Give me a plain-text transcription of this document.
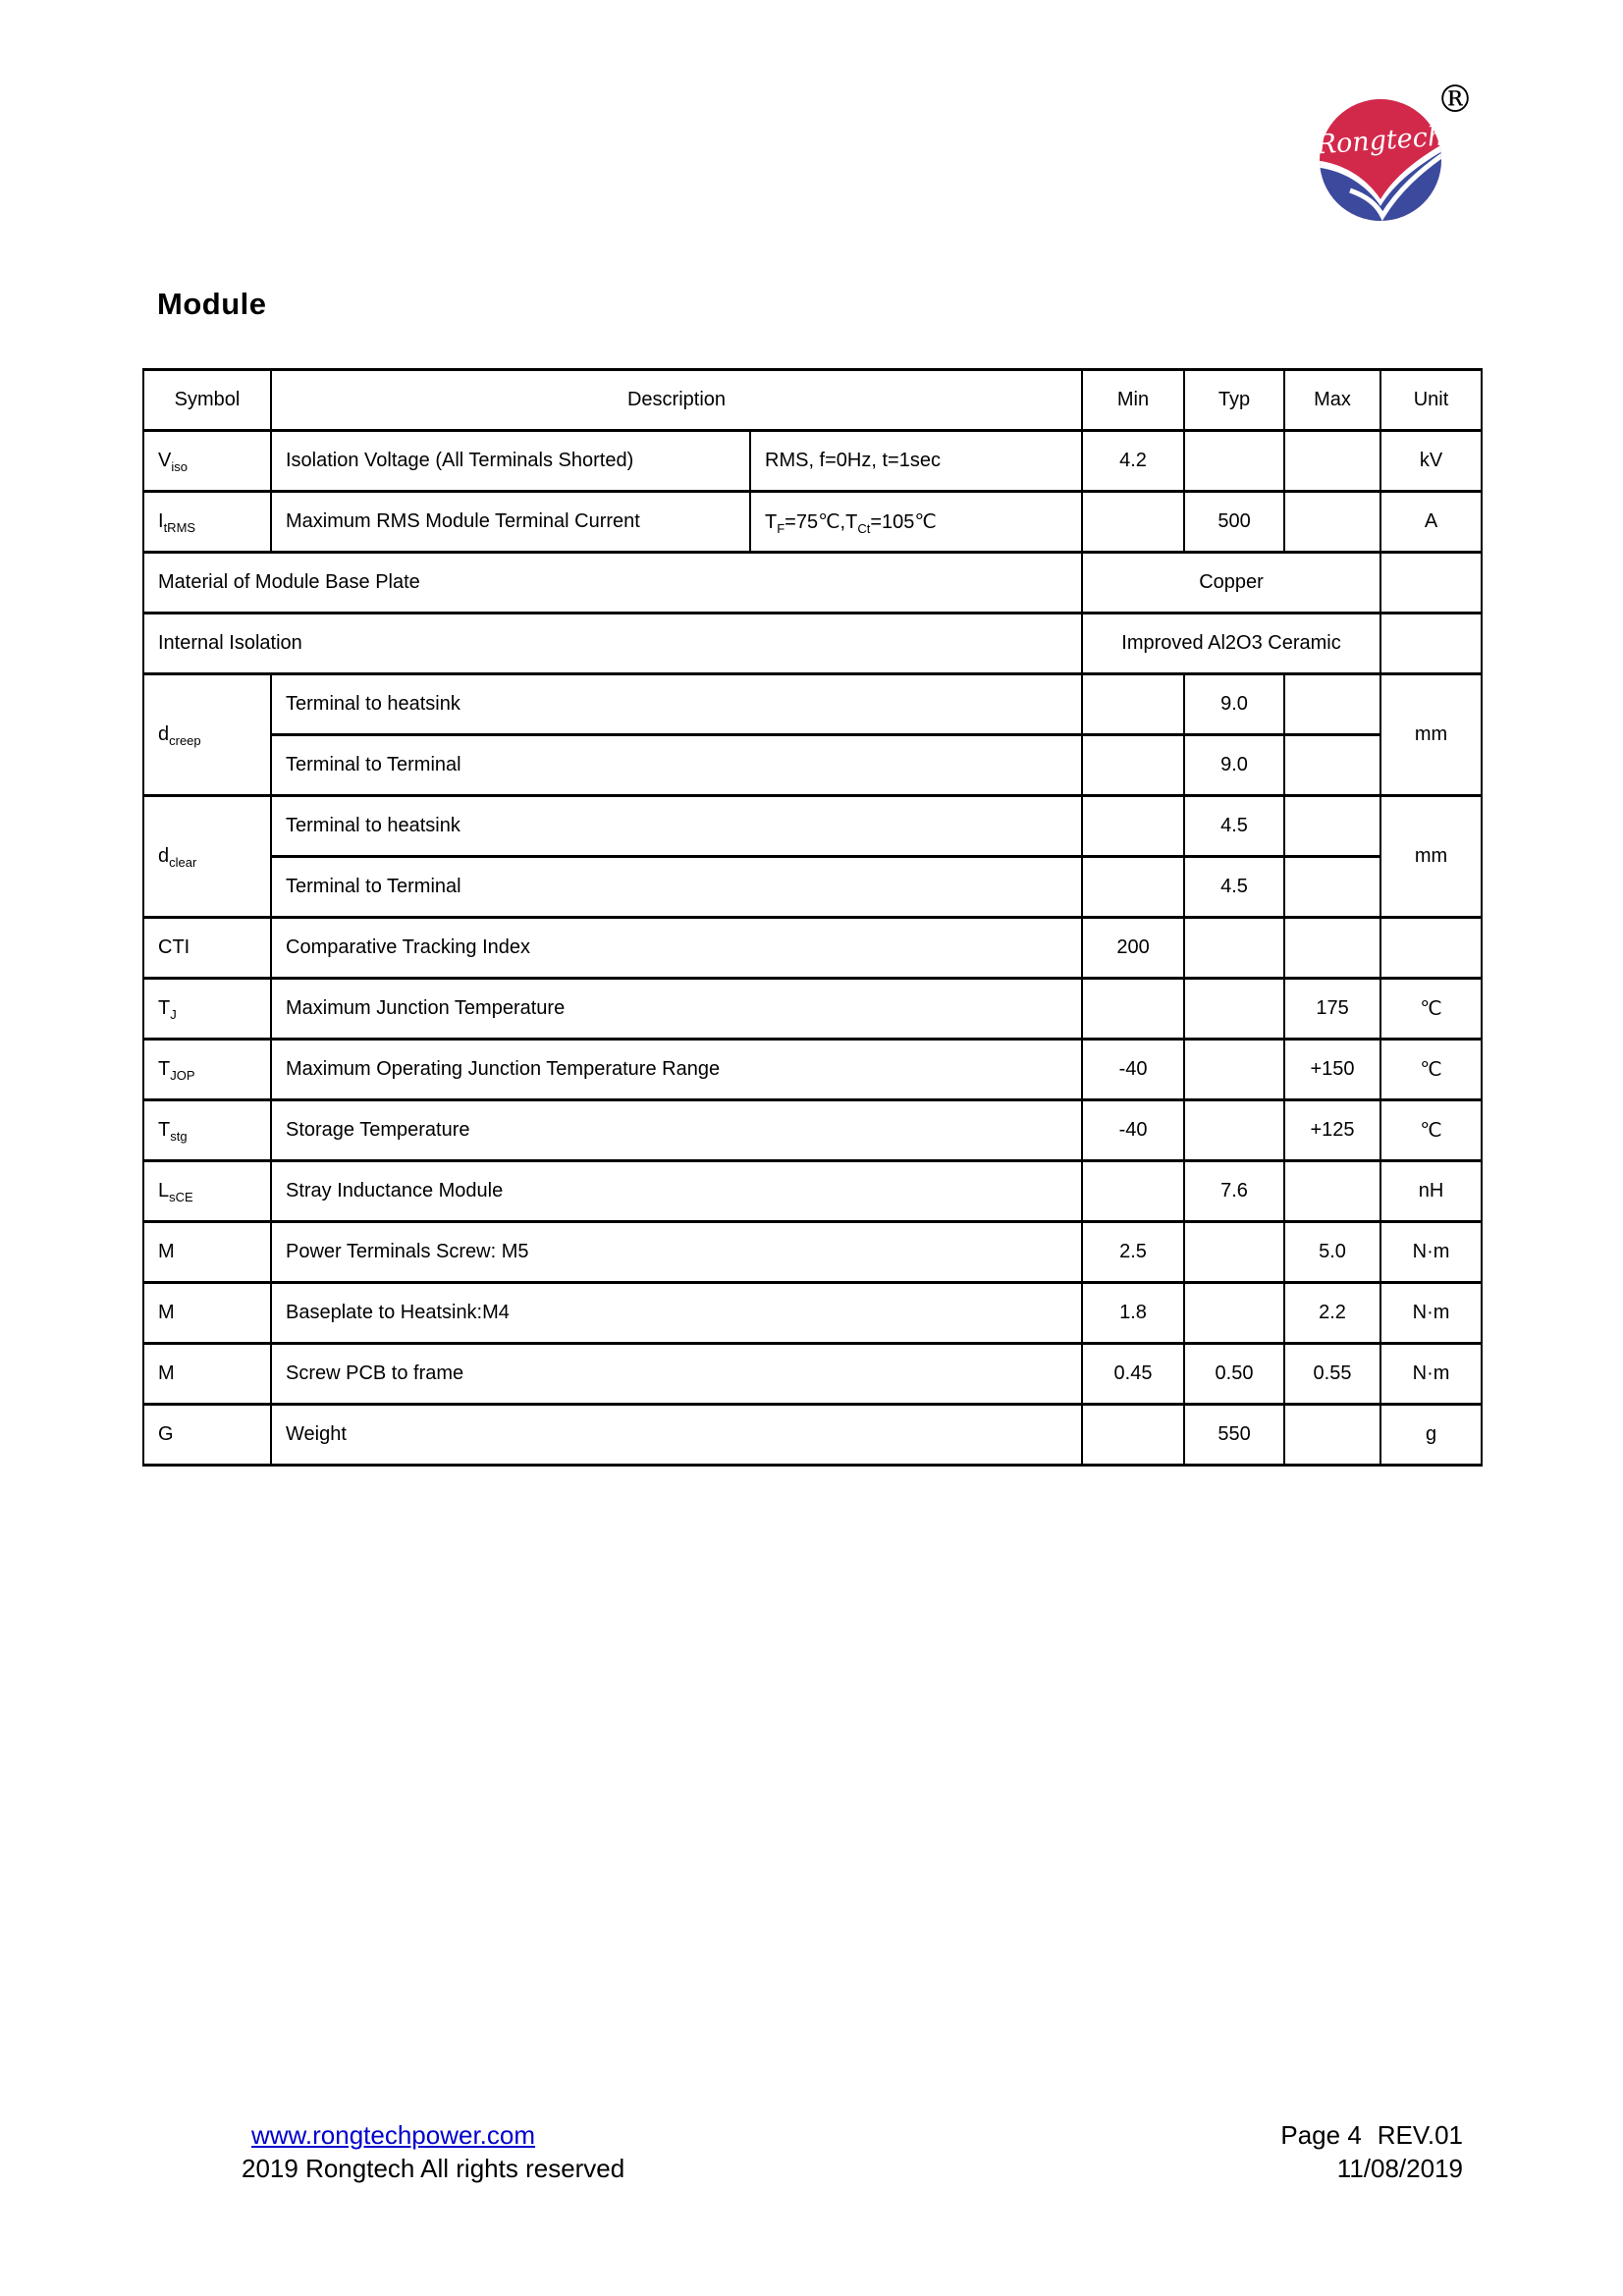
Rongtech
®
Module
Symbol	Description		Min	Typ	Max	Unit
$V_{iso}$	Isolation Voltage (All Terminals Shorted)	RMS, f=0Hz, t=1sec	4.2			kV
$I_{tRMS}$	Maximum RMS Module Terminal Current	$T_F=75℃,T_{Ct}=105℃$		500		A
Material of Module Base Plate			Copper			
Internal Isolation			Improved Al2O3 Ceramic			
$d_{creep}$	Terminal to heatsink			9.0		mm
	Terminal to Terminal			9.0		
$d_{clear}$	Terminal to heatsink			4.5		mm
	Terminal to Terminal			4.5		
CTI	Comparative Tracking Index		200			
$T_J$	Maximum Junction Temperature				175	℃
$T_{JOP}$	Maximum Operating Junction Temperature Range		-40		+150	℃
$T_{stg}$	Storage Temperature		-40		+125	℃
$L_{sCE}$	Stray Inductance Module			7.6		nH
M	Power Terminals Screw: M5		2.5		5.0	N·m
M	Baseplate to Heatsink:M4		1.8		2.2	N·m
M	Screw PCB to frame		0.45	0.50	0.55	N·m
G	Weight			550		g
www.rongtechpower.com
2019 Rongtech All rights reserved
Page 4 REV.01
11/08/2019
